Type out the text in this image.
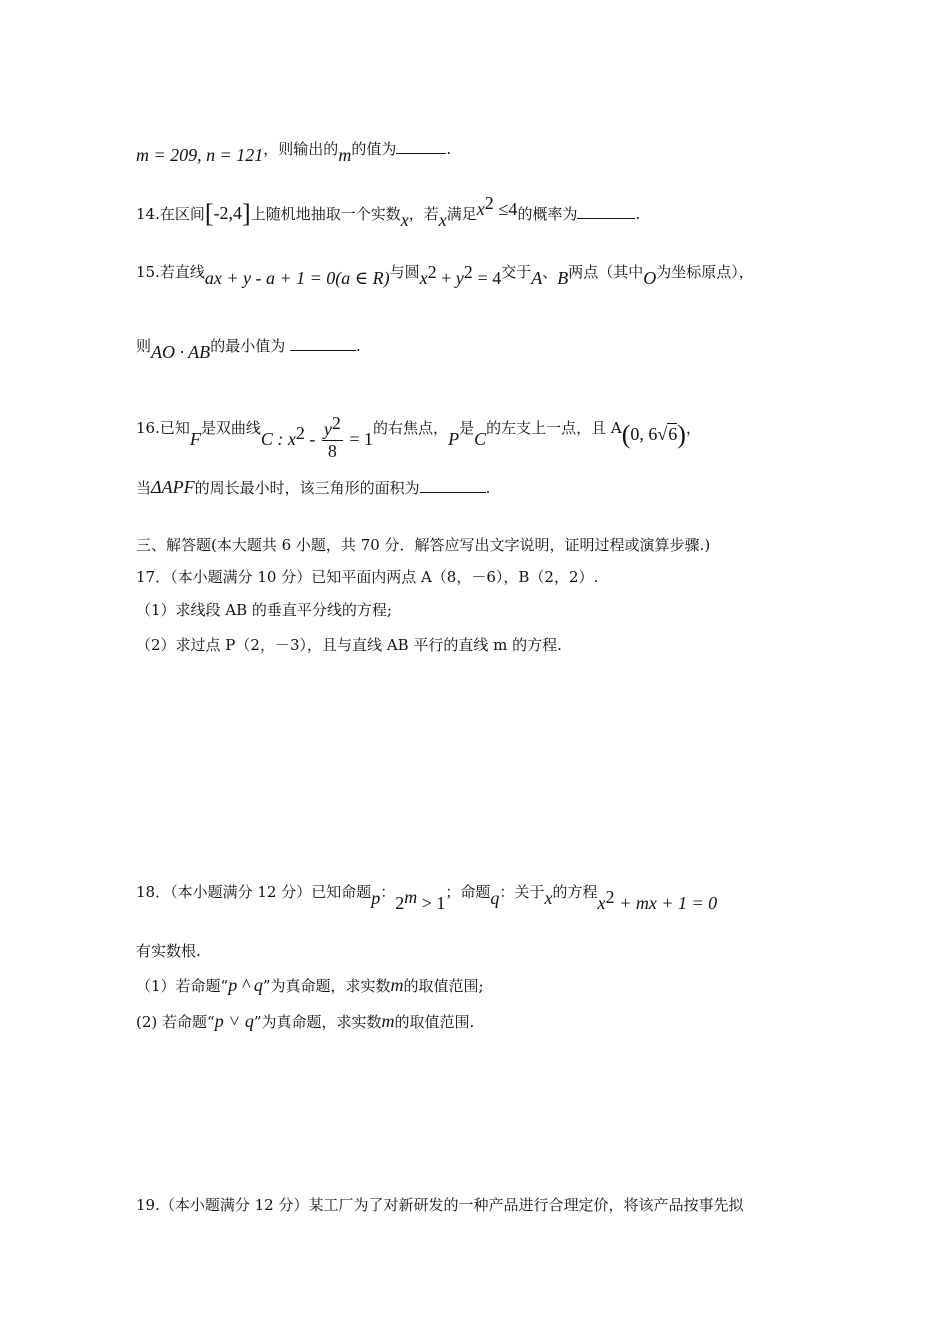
m = 209, n = 121，则输出的m的值为	.
14.在区间[-2,4]上随机地抽取一个实数x，若x满足$x^2 \le 4$的概率为	.
15.若直线ax + y - a + 1 = 0(a ∈ R)与圆$x^2 + y^2 = 4$交于A、B两点（其中O为坐标原点），
则AO · AB的最小值为	.
16.已知F是双曲线C : $x^2 - \frac{y^2}{8} = 1$的右焦点，P是C的左支上一点，且 A(0, 6√6)，
当ΔAPF的周长最小时，该三角形的面积为	.
三、解答题(本大题共 6 小题，共 70 分．解答应写出文字说明，证明过程或演算步骤.)
17．（本小题满分 10 分）已知平面内两点 A（8，－6），B（2，2）.
（1）求线段 AB 的垂直平分线的方程;
（2）求过点 P（2，－3），且与直线 AB 平行的直线 m 的方程.
18．（本小题满分 12 分）已知命题p：$2^m > 1$；命题q：关于x的方程$x^2$ + mx + 1 = 0
有实数根.
（1）若命题“p ^ q”为真命题，求实数m的取值范围;
(2) 若命题“p ˅ q”为真命题，求实数m的取值范围.
19.（本小题满分 12 分）某工厂为了对新研发的一种产品进行合理定价，将该产品按事先拟
